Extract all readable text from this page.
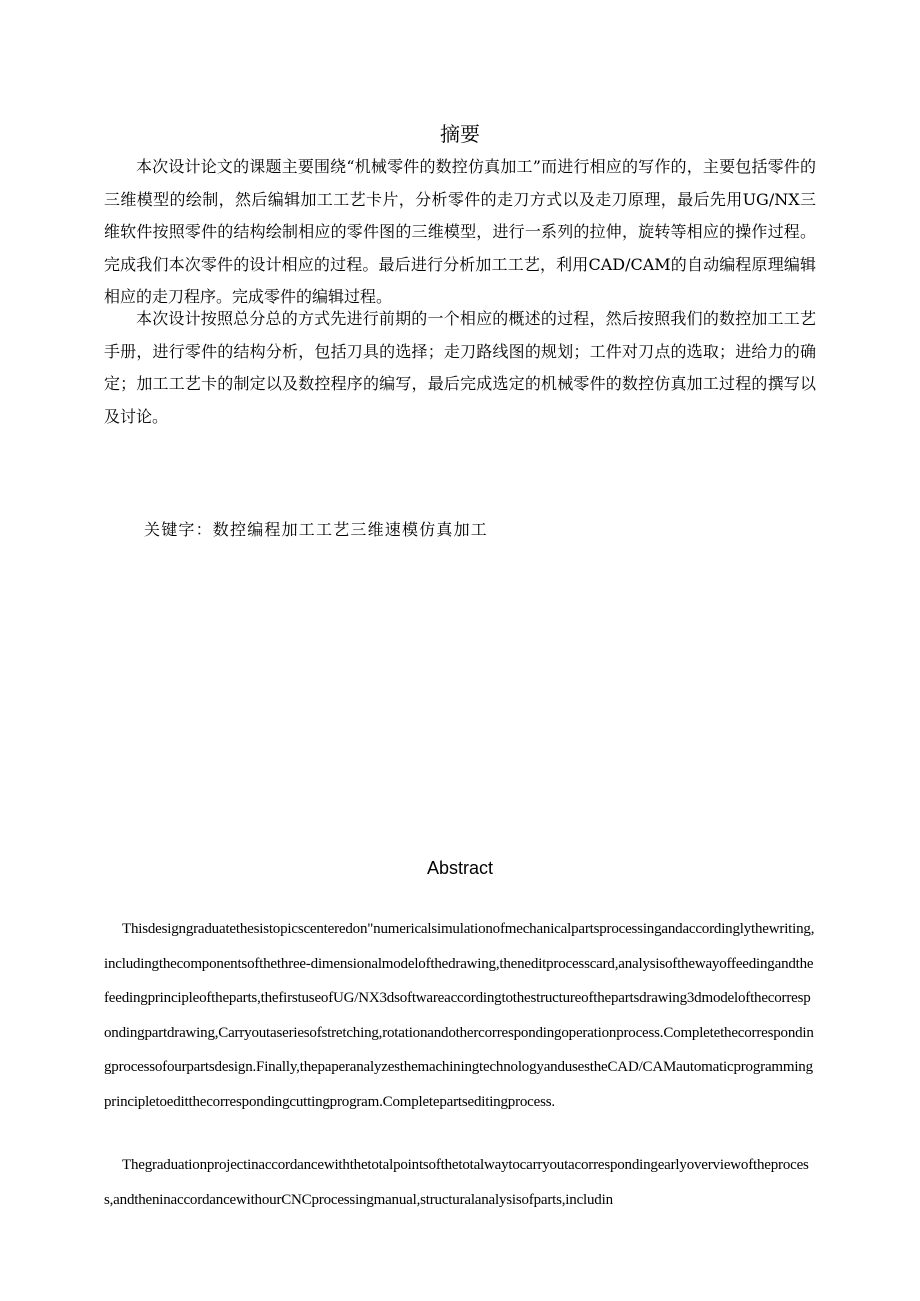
摘要

本次设计论文的课题主要围绕“机械零件的数控仿真加工”而进行相应的写作的，主要包括零件的三维模型的绘制，然后编辑加工工艺卡片，分析零件的走刀方式以及走刀原理，最后先用UG/NX三维软件按照零件的结构绘制相应的零件图的三维模型，进行一系列的拉伸，旋转等相应的操作过程。完成我们本次零件的设计相应的过程。最后进行分析加工工艺，利用CAD/CAM的自动编程原理编辑相应的走刀程序。完成零件的编辑过程。

本次设计按照总分总的方式先进行前期的一个相应的概述的过程，然后按照我们的数控加工工艺手册，进行零件的结构分析，包括刀具的选择；走刀路线图的规划；工件对刀点的选取；进给力的确定；加工工艺卡的制定以及数控程序的编写，最后完成选定的机械零件的数控仿真加工过程的撰写以及讨论。

关键字：数控编程加工工艺三维速模仿真加工
Abstract

Thisdesigngraduatethesistopicscenteredon"numericalsimulationofmechanicalpartsprocessingandaccordinglythewriting,includingthecomponentsofthethree-dimensionalmodelofthedrawing,theneditprocesscard,analysisofthewayoffeedingandthefeedingprincipleoftheparts,thefirstuseofUG/NX3dsoftwareaccordingtothestructureofthepartsdrawing3dmodelofthecorrespondingpartdrawing,Carryoutaseriesofstretching,rotationandothercorrespondingoperationprocess.Completethecorrespondingprocessofourpartsdesign.Finally,thepaperanalyzesthemachiningtechnologyandusestheCAD/CAMautomaticprogrammingprincipletoeditthecorrespondingcuttingprogram.Completepartseditingprocess.

Thegraduationprojectinaccordancewiththetotalpointsofthetotalwaytocarryoutacorrespondingearlyoverviewoftheprocess,andtheninaccordancewithourCNCprocessingmanual,structuralanalysisofparts,includin
